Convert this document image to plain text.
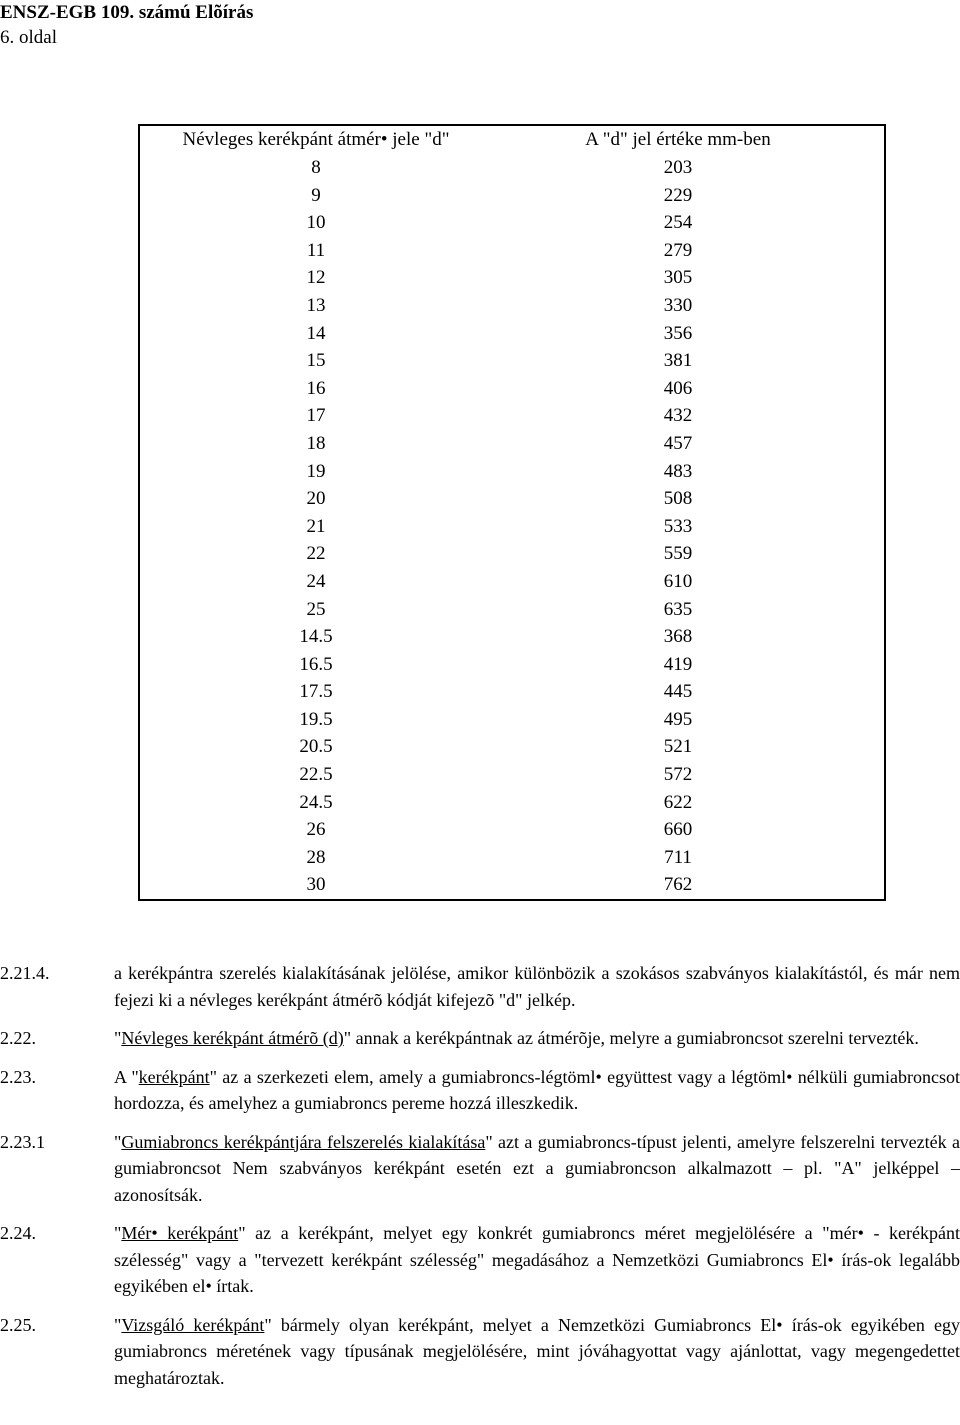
ENSZ-EGB 109. számú Elõírás
6. oldal
Névleges kerékpánt átmér• jele "d"	A "d" jel értéke mm-ben
8	203
9	229
10	254
11	279
12	305
13	330
14	356
15	381
16	406
17	432
18	457
19	483
20	508
21	533
22	559
24	610
25	635
14.5	368
16.5	419
17.5	445
19.5	495
20.5	521
22.5	572
24.5	622
26	660
28	711
30	762
2.21.4.	a kerékpántra szerelés kialakításának jelölése, amikor különbözik a szokásos szabványos kialakítástól, és már nem fejezi ki a névleges kerékpánt átmérõ kódját kifejezõ "d" jelkép.
2.22.	"Névleges kerékpánt átmérõ (d)" annak a kerékpántnak az átmérõje, melyre a gumiabroncsot szerelni tervezték.
2.23.	A "kerékpánt" az a szerkezeti elem, amely a gumiabroncs-légtöml• együttest vagy a légtöml• nélküli gumiabroncsot hordozza, és amelyhez a gumiabroncs pereme hozzá illeszkedik.
2.23.1	"Gumiabroncs kerékpántjára felszerelés kialakítása" azt a gumiabroncs-típust jelenti, amelyre felszerelni tervezték a gumiabroncsot Nem szabványos kerékpánt esetén ezt a gumiabroncson alkalmazott – pl. "A" jelképpel – azonosítsák.
2.24.	"Mér• kerékpánt" az a kerékpánt, melyet egy konkrét gumiabroncs méret megjelölésére a "mér• - kerékpánt szélesség" vagy a "tervezett kerékpánt szélesség" megadásához a Nemzetközi Gumiabroncs El• írás-ok legalább egyikében el• írtak.
2.25.	"Vizsgáló kerékpánt" bármely olyan kerékpánt, melyet a Nemzetközi Gumiabroncs El• írás-ok egyikében egy gumiabroncs méretének vagy típusának megjelölésére, mint jóváhagyottat vagy ajánlottat, vagy megengedettet meghatároztak.
